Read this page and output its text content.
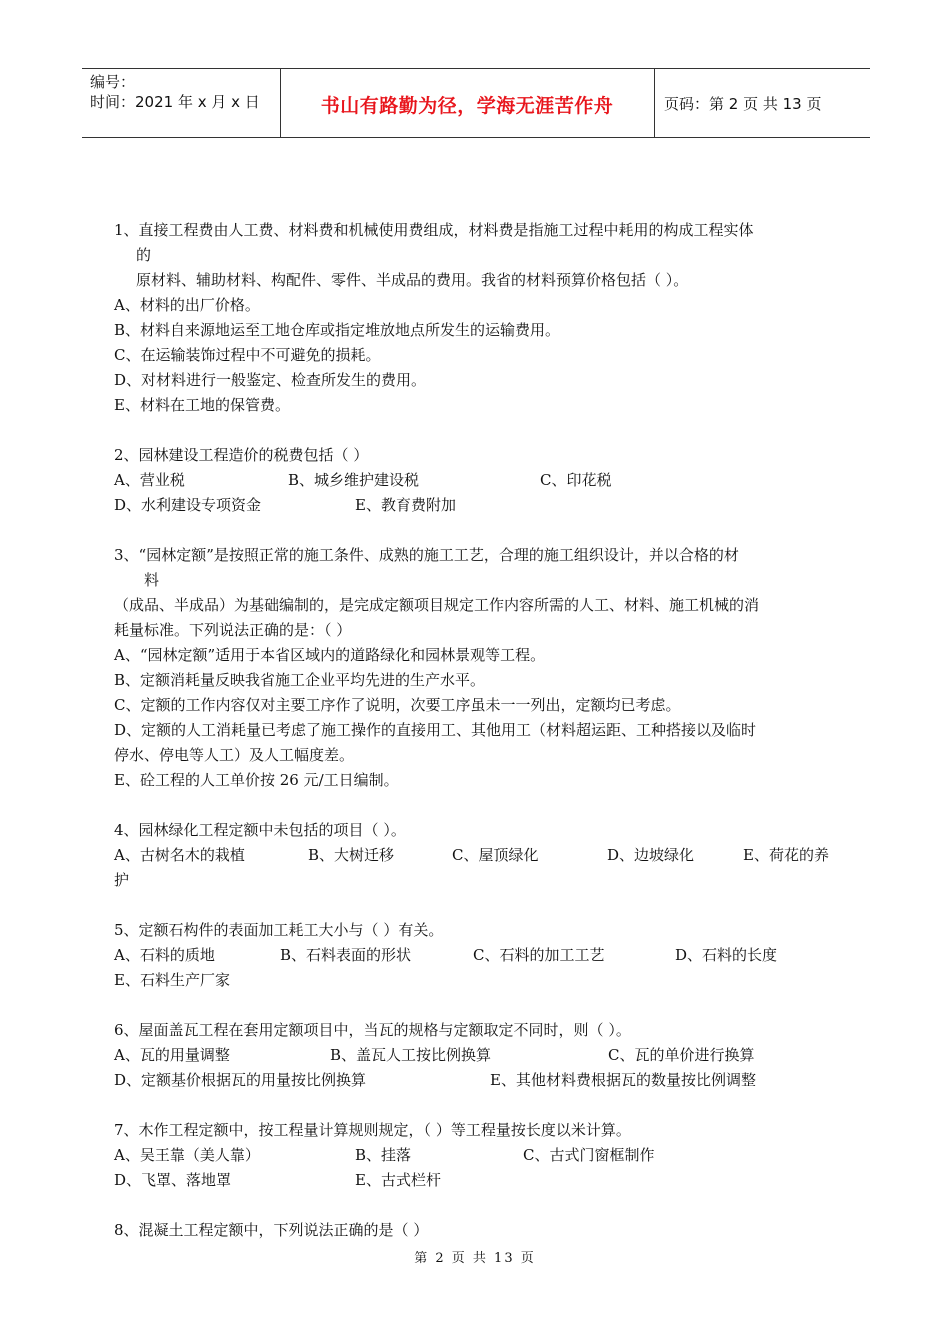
编号：
时间：2021 年 x 月 x 日	书山有路勤为径，学海无涯苦作舟	页码：第 2 页 共 13 页

1、直接工程费由人工费、材料费和机械使用费组成，材料费是指施工过程中耗用的构成工程实体

的

原材料、辅助材料、构配件、零件、半成品的费用。我省的材料预算价格包括（ ）。

A、材料的出厂价格。

B、材料自来源地运至工地仓库或指定堆放地点所发生的运输费用。

C、在运输装饰过程中不可避免的损耗。

D、对材料进行一般鉴定、检查所发生的费用。

E、材料在工地的保管费。

2、园林建设工程造价的税费包括（ ）

A、营业税	B、城乡维护建设税	C、印花税
D、水利建设专项资金	E、教育费附加

3、“园林定额”是按照正常的施工条件、成熟的施工工艺，合理的施工组织设计，并以合格的材

料

（成品、半成品）为基础编制的，是完成定额项目规定工作内容所需的人工、材料、施工机械的消

耗量标准。下列说法正确的是：（ ）

A、“园林定额”适用于本省区域内的道路绿化和园林景观等工程。

B、定额消耗量反映我省施工企业平均先进的生产水平。

C、定额的工作内容仅对主要工序作了说明，次要工序虽未一一列出，定额均已考虑。

D、定额的人工消耗量已考虑了施工操作的直接用工、其他用工（材料超运距、工种搭接以及临时

停水、停电等人工）及人工幅度差。

E、砼工程的人工单价按 26 元/工日编制。

4、园林绿化工程定额中未包括的项目（ ）。

A、古树名木的栽植	B、大树迁移	C、屋顶绿化	D、边坡绿化	E、荷花的养

护

5、定额石构件的表面加工耗工大小与（ ）有关。

A、石料的质地	B、石料表面的形状	C、石料的加工工艺	D、石料的长度

E、石料生产厂家

6、屋面盖瓦工程在套用定额项目中，当瓦的规格与定额取定不同时，则（ ）。

A、瓦的用量调整	B、盖瓦人工按比例换算	C、瓦的单价进行换算
D、定额基价根据瓦的用量按比例换算	E、其他材料费根据瓦的数量按比例调整

7、木作工程定额中，按工程量计算规则规定，（ ）等工程量按长度以米计算。

A、吴王靠（美人靠）	B、挂落	C、古式门窗框制作
D、飞罩、落地罩	E、古式栏杆

8、混凝土工程定额中，下列说法正确的是（ ）

第 2 页 共 13 页
